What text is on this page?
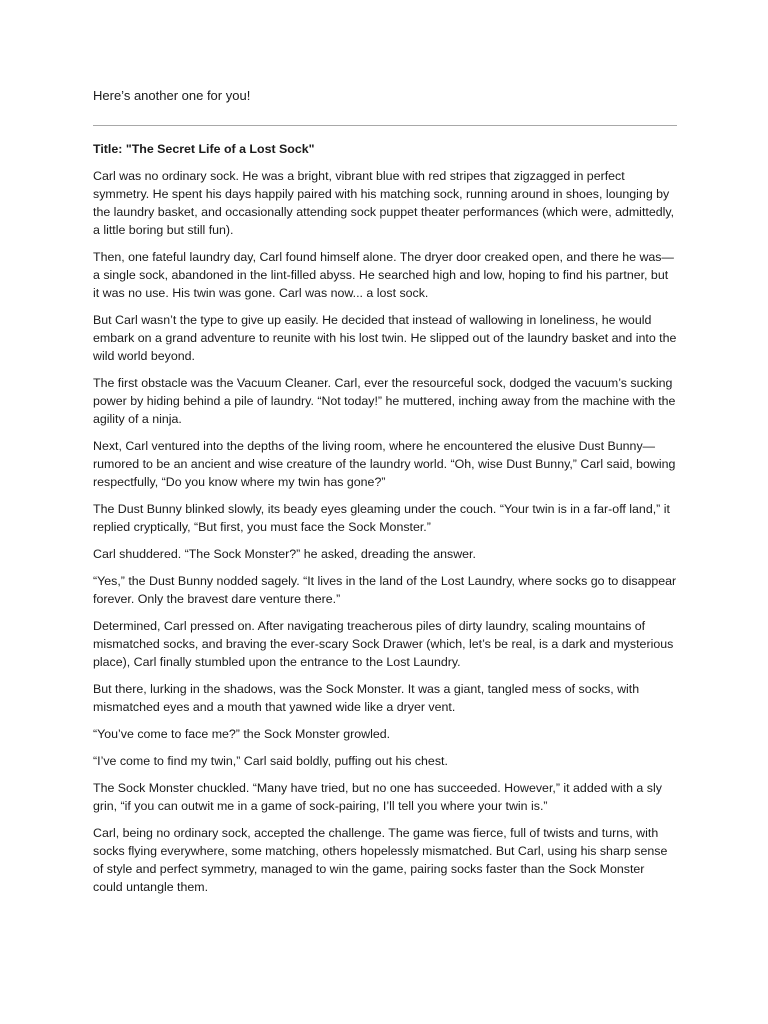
Here’s another one for you!

Title: "The Secret Life of a Lost Sock"

Carl was no ordinary sock. He was a bright, vibrant blue with red stripes that zigzagged in perfect symmetry. He spent his days happily paired with his matching sock, running around in shoes, lounging by the laundry basket, and occasionally attending sock puppet theater performances (which were, admittedly, a little boring but still fun).

Then, one fateful laundry day, Carl found himself alone. The dryer door creaked open, and there he was—a single sock, abandoned in the lint-filled abyss. He searched high and low, hoping to find his partner, but it was no use. His twin was gone. Carl was now... a lost sock.

But Carl wasn’t the type to give up easily. He decided that instead of wallowing in loneliness, he would embark on a grand adventure to reunite with his lost twin. He slipped out of the laundry basket and into the wild world beyond.

The first obstacle was the Vacuum Cleaner. Carl, ever the resourceful sock, dodged the vacuum’s sucking power by hiding behind a pile of laundry. “Not today!” he muttered, inching away from the machine with the agility of a ninja.

Next, Carl ventured into the depths of the living room, where he encountered the elusive Dust Bunny—rumored to be an ancient and wise creature of the laundry world. “Oh, wise Dust Bunny,” Carl said, bowing respectfully, “Do you know where my twin has gone?”

The Dust Bunny blinked slowly, its beady eyes gleaming under the couch. “Your twin is in a far-off land,” it replied cryptically, “But first, you must face the Sock Monster.”

Carl shuddered. “The Sock Monster?” he asked, dreading the answer.

“Yes,” the Dust Bunny nodded sagely. “It lives in the land of the Lost Laundry, where socks go to disappear forever. Only the bravest dare venture there.”

Determined, Carl pressed on. After navigating treacherous piles of dirty laundry, scaling mountains of mismatched socks, and braving the ever-scary Sock Drawer (which, let’s be real, is a dark and mysterious place), Carl finally stumbled upon the entrance to the Lost Laundry.

But there, lurking in the shadows, was the Sock Monster. It was a giant, tangled mess of socks, with mismatched eyes and a mouth that yawned wide like a dryer vent.

“You’ve come to face me?” the Sock Monster growled.

“I’ve come to find my twin,” Carl said boldly, puffing out his chest.

The Sock Monster chuckled. “Many have tried, but no one has succeeded. However,” it added with a sly grin, “if you can outwit me in a game of sock-pairing, I’ll tell you where your twin is.”

Carl, being no ordinary sock, accepted the challenge. The game was fierce, full of twists and turns, with socks flying everywhere, some matching, others hopelessly mismatched. But Carl, using his sharp sense of style and perfect symmetry, managed to win the game, pairing socks faster than the Sock Monster could untangle them.
